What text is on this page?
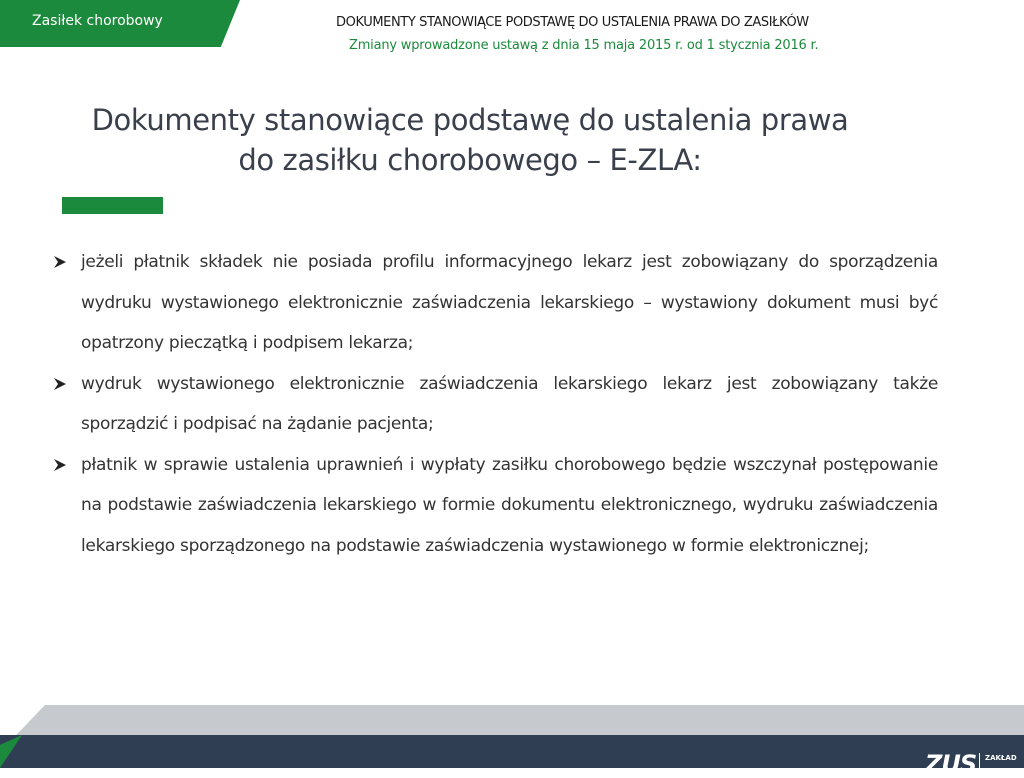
Zasiłek chorobowy	DOKUMENTY STANOWIĄCE PODSTAWĘ DO USTALENIA PRAWA DO ZASIŁKÓW
Zmiany wprowadzone ustawą z dnia 15 maja 2015 r. od 1 stycznia 2016 r.
Dokumenty stanowiące podstawę do ustalenia prawa
do zasiłku chorobowego – E-ZLA:
jeżeli płatnik składek nie posiada profilu informacyjnego lekarz jest zobowiązany do sporządzenia wydruku wystawionego elektronicznie zaświadczenia lekarskiego – wystawiony dokument musi być opatrzony pieczątką i podpisem lekarza;
wydruk wystawionego elektronicznie zaświadczenia lekarskiego lekarz jest zobowiązany także sporządzić i podpisać na żądanie pacjenta;
płatnik w sprawie ustalenia uprawnień i wypłaty zasiłku chorobowego będzie wszczynał postępowanie na podstawie zaświadczenia lekarskiego w formie dokumentu elektronicznego, wydruku zaświadczenia lekarskiego sporządzonego na podstawie zaświadczenia wystawionego w formie elektronicznej;
ZUS ZAKŁAD
